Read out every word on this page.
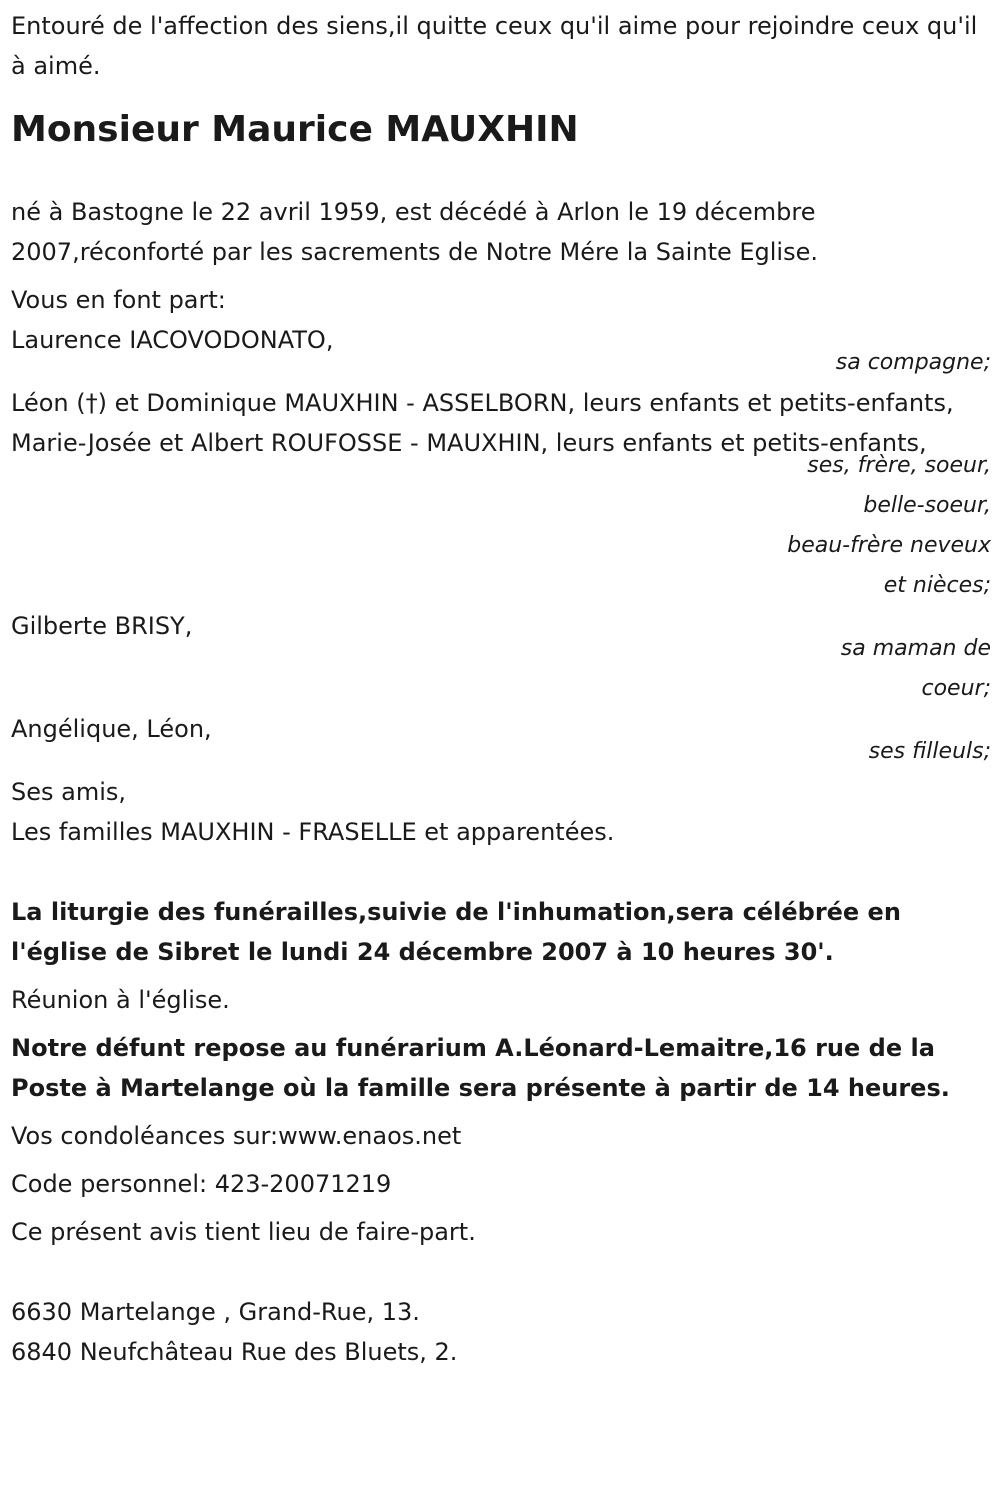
Entouré de l'affection des siens,il quitte ceux qu'il aime pour rejoindre ceux qu'il à aimé.

Monsieur Maurice MAUXHIN

né à Bastogne le 22 avril 1959, est décédé à Arlon le 19 décembre 2007,réconforté par les sacrements de Notre Mére la Sainte Eglise.

Vous en font part:

Laurence IACOVODONATO,

sa compagne;

Léon (†) et Dominique MAUXHIN - ASSELBORN, leurs enfants et petits-enfants,

Marie-Josée et Albert ROUFOSSE - MAUXHIN, leurs enfants et petits-enfants,

ses, frère, soeur,

belle-soeur,

beau-frère neveux

et nièces;

Gilberte BRISY,

sa maman de

coeur;

Angélique, Léon,

ses filleuls;

Ses amis,

Les familles MAUXHIN - FRASELLE et apparentées.

La liturgie des funérailles,suivie de l'inhumation,sera célébrée en l'église de Sibret le lundi 24 décembre 2007 à 10 heures 30'.

Réunion à l'église.

Notre défunt repose au funérarium A.Léonard-Lemaitre,16 rue de la Poste à Martelange où la famille sera présente à partir de 14 heures.

Vos condoléances sur:www.enaos.net

Code personnel: 423-20071219

Ce présent avis tient lieu de faire-part.

6630 Martelange , Grand-Rue, 13.

6840 Neufchâteau Rue des Bluets, 2.
